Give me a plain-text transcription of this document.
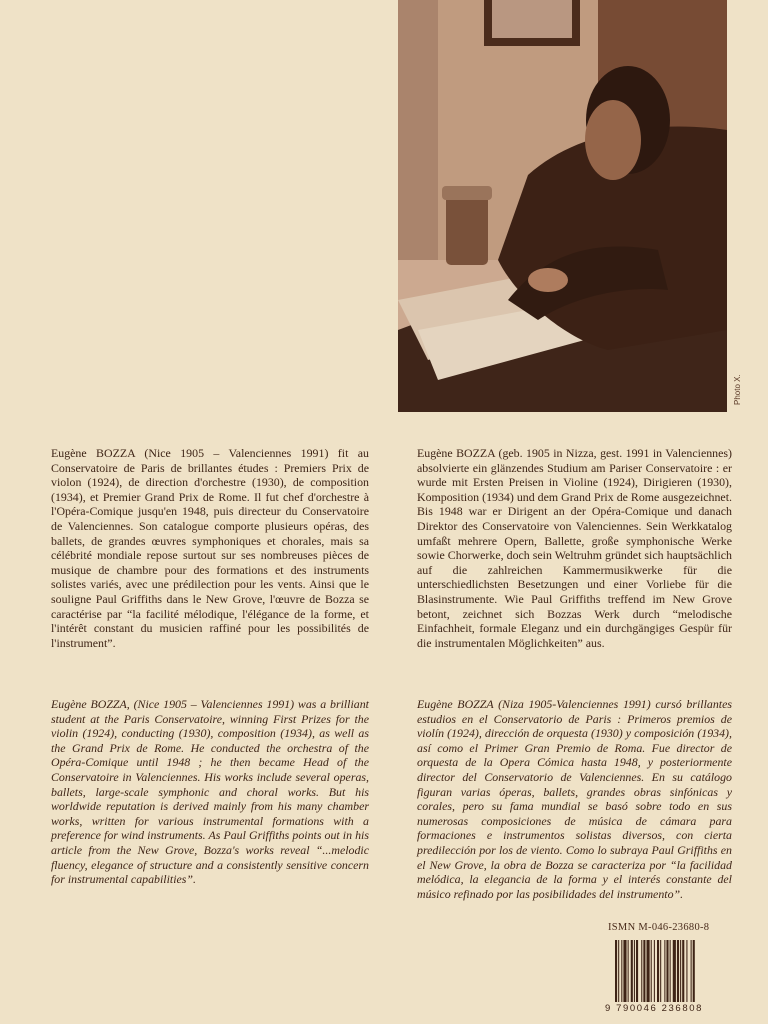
Photo X.

Eugène BOZZA (Nice 1905 – Valenciennes 1991) fit au Conservatoire de Paris de brillantes études : Premiers Prix de violon (1924), de direction d'orchestre (1930), de composition (1934), et Premier Grand Prix de Rome. Il fut chef d'orchestre à l'Opéra-Comique jusqu'en 1948, puis directeur du Conservatoire de Valenciennes. Son catalogue comporte plusieurs opéras, des ballets, de grandes œuvres symphoniques et chorales, mais sa célébrité mondiale repose surtout sur ses nombreuses pièces de musique de chambre pour des formations et des instruments solistes variés, avec une prédilection pour les vents. Ainsi que le souligne Paul Griffiths dans le New Grove, l'œuvre de Bozza se caractérise par “la facilité mélodique, l'élégance de la forme, et l'intérêt constant du musicien raffiné pour les possibilités de l'instrument”.

Eugène BOZZA (geb. 1905 in Nizza, gest. 1991 in Valenciennes) absolvierte ein glänzendes Studium am Pariser Conservatoire : er wurde mit Ersten Preisen in Violine (1924), Dirigieren (1930), Komposition (1934) und dem Grand Prix de Rome ausgezeichnet. Bis 1948 war er Dirigent an der Opéra-Comique und danach Direktor des Conservatoire von Valenciennes. Sein Werkkatalog umfaßt mehrere Opern, Ballette, große symphonische Werke sowie Chorwerke, doch sein Weltruhm gründet sich hauptsächlich auf die zahlreichen Kammermusikwerke für die unterschiedlichsten Besetzungen und einer Vorliebe für die Blasinstrumente. Wie Paul Griffiths treffend im New Grove betont, zeichnet sich Bozzas Werk durch “melodische Einfachheit, formale Eleganz und ein durchgängiges Gespür für die instrumentalen Möglichkeiten” aus.

Eugène BOZZA, (Nice 1905 – Valenciennes 1991) was a brilliant student at the Paris Conservatoire, winning First Prizes for the violin (1924), conducting (1930), composition (1934), as well as the Grand Prix de Rome. He conducted the orchestra of the Opéra-Comique until 1948 ; he then became Head of the Conservatoire in Valenciennes. His works include several operas, ballets, large-scale symphonic and choral works. But his worldwide reputation is derived mainly from his many chamber works, written for various instrumental formations with a preference for wind instruments. As Paul Griffiths points out in his article from the New Grove, Bozza's works reveal “...melodic fluency, elegance of structure and a consistently sensitive concern for instrumental capabilities”.

Eugène BOZZA (Niza 1905-Valenciennes 1991) cursó brillantes estudios en el Conservatorio de Paris : Primeros premios de violín (1924), dirección de orquesta (1930) y composición (1934), así como el Primer Gran Premio de Roma. Fue director de orquesta de la Opera Cómica hasta 1948, y posteriormente director del Conservatorio de Valenciennes. En su catálogo figuran varias óperas, ballets, grandes obras sinfónicas y corales, pero su fama mundial se basó sobre todo en sus numerosas composiciones de música de cámara para formaciones e instrumentos solistas diversos, con cierta predilección por los de viento. Como lo subraya Paul Griffiths en el New Grove, la obra de Bozza se caracteriza por “la facilidad melódica, la elegancia de la forma y el interés constante del músico refinado por las posibilidades del instrumento”.

ISMN M-046-23680-8
9 790046 236808
